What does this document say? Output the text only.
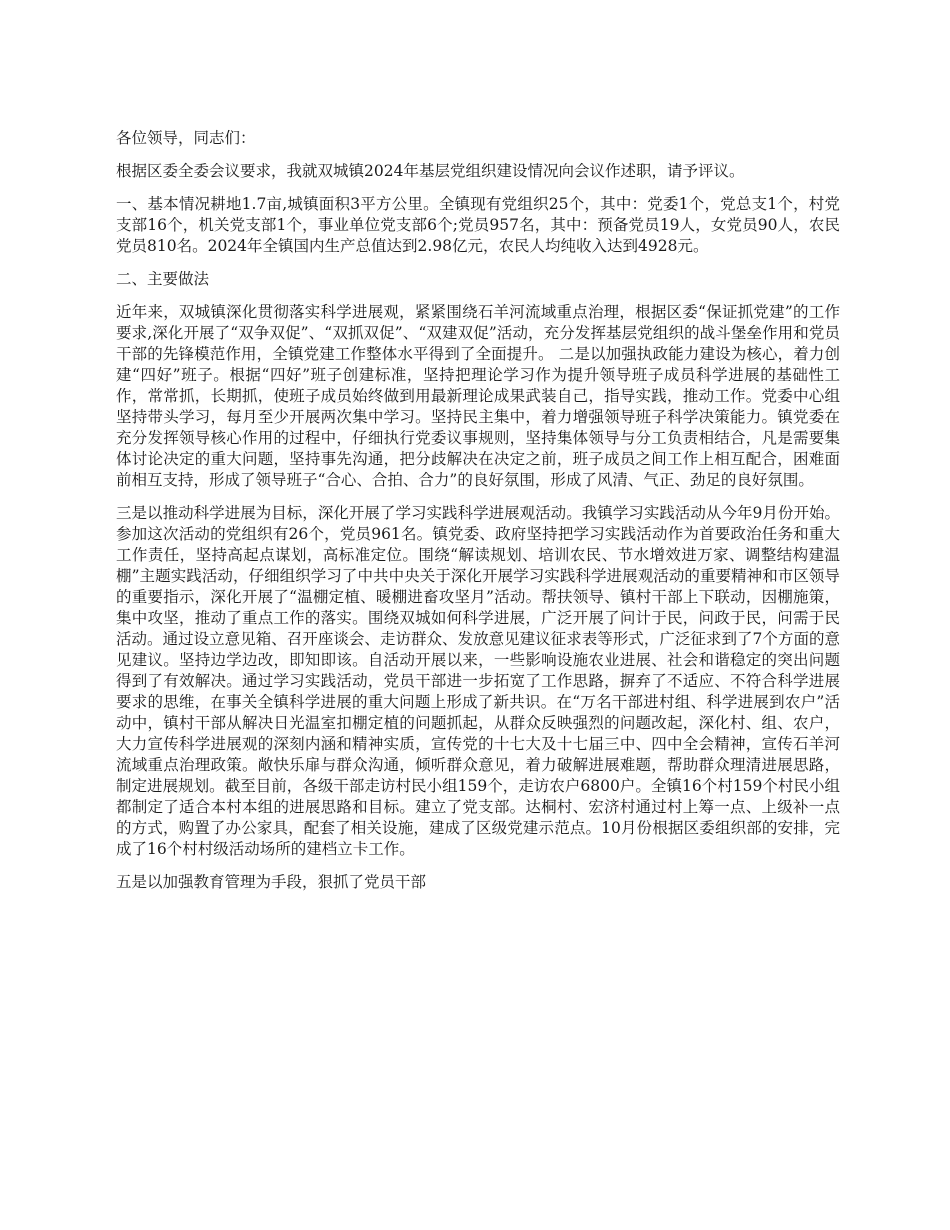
各位领导，同志们：

根据区委全委会议要求，我就双城镇2024年基层党组织建设情况向会议作述职，请予评议。

一、基本情况耕地1.7亩,城镇面积3平方公里。全镇现有党组织25个，其中：党委1个，党总支1个，村党支部16个，机关党支部1个，事业单位党支部6个;党员957名，其中：预备党员19人，女党员90人，农民党员810名。2024年全镇国内生产总值达到2.98亿元，农民人均纯收入达到4928元。

二、主要做法

近年来，双城镇深化贯彻落实科学进展观，紧紧围绕石羊河流域重点治理，根据区委“保证抓党建”的工作要求,深化开展了“双争双促”、“双抓双促”、“双建双促”活动，充分发挥基层党组织的战斗堡垒作用和党员干部的先锋模范作用，全镇党建工作整体水平得到了全面提升。 二是以加强执政能力建设为核心，着力创建“四好”班子。根据“四好”班子创建标准，坚持把理论学习作为提升领导班子成员科学进展的基础性工作，常常抓，长期抓，使班子成员始终做到用最新理论成果武装自己，指导实践，推动工作。党委中心组坚持带头学习，每月至少开展两次集中学习。坚持民主集中，着力增强领导班子科学决策能力。镇党委在充分发挥领导核心作用的过程中，仔细执行党委议事规则，坚持集体领导与分工负责相结合，凡是需要集体讨论决定的重大问题，坚持事先沟通，把分歧解决在决定之前，班子成员之间工作上相互配合，困难面前相互支持，形成了领导班子“合心、合拍、合力”的良好氛围，形成了风清、气正、劲足的良好氛围。

三是以推动科学进展为目标，深化开展了学习实践科学进展观活动。我镇学习实践活动从今年9月份开始。参加这次活动的党组织有26个，党员961名。镇党委、政府坚持把学习实践活动作为首要政治任务和重大工作责任，坚持高起点谋划，高标准定位。围绕“解读规划、培训农民、节水增效进万家、调整结构建温棚”主题实践活动，仔细组织学习了中共中央关于深化开展学习实践科学进展观活动的重要精神和市区领导的重要指示，深化开展了“温棚定植、暖棚进畜攻坚月”活动。帮扶领导、镇村干部上下联动，因棚施策，集中攻坚，推动了重点工作的落实。围绕双城如何科学进展，广泛开展了问计于民，问政于民，问需于民活动。通过设立意见箱、召开座谈会、走访群众、发放意见建议征求表等形式，广泛征求到了7个方面的意见建议。坚持边学边改，即知即该。自活动开展以来，一些影响设施农业进展、社会和谐稳定的突出问题得到了有效解决。通过学习实践活动，党员干部进一步拓宽了工作思路，摒弃了不适应、不符合科学进展要求的思维，在事关全镇科学进展的重大问题上形成了新共识。在“万名干部进村组、科学进展到农户”活动中，镇村干部从解决日光温室扣棚定植的问题抓起，从群众反映强烈的问题改起，深化村、组、农户，大力宣传科学进展观的深刻内涵和精神实质，宣传党的十七大及十七届三中、四中全会精神，宣传石羊河流域重点治理政策。敞快乐扉与群众沟通，倾听群众意见，着力破解进展难题，帮助群众理清进展思路，制定进展规划。截至目前，各级干部走访村民小组159个，走访农户6800户。全镇16个村159个村民小组都制定了适合本村本组的进展思路和目标。建立了党支部。达桐村、宏济村通过村上筹一点、上级补一点的方式，购置了办公家具，配套了相关设施，建成了区级党建示范点。10月份根据区委组织部的安排，完成了16个村村级活动场所的建档立卡工作。

五是以加强教育管理为手段，狠抓了党员干部
